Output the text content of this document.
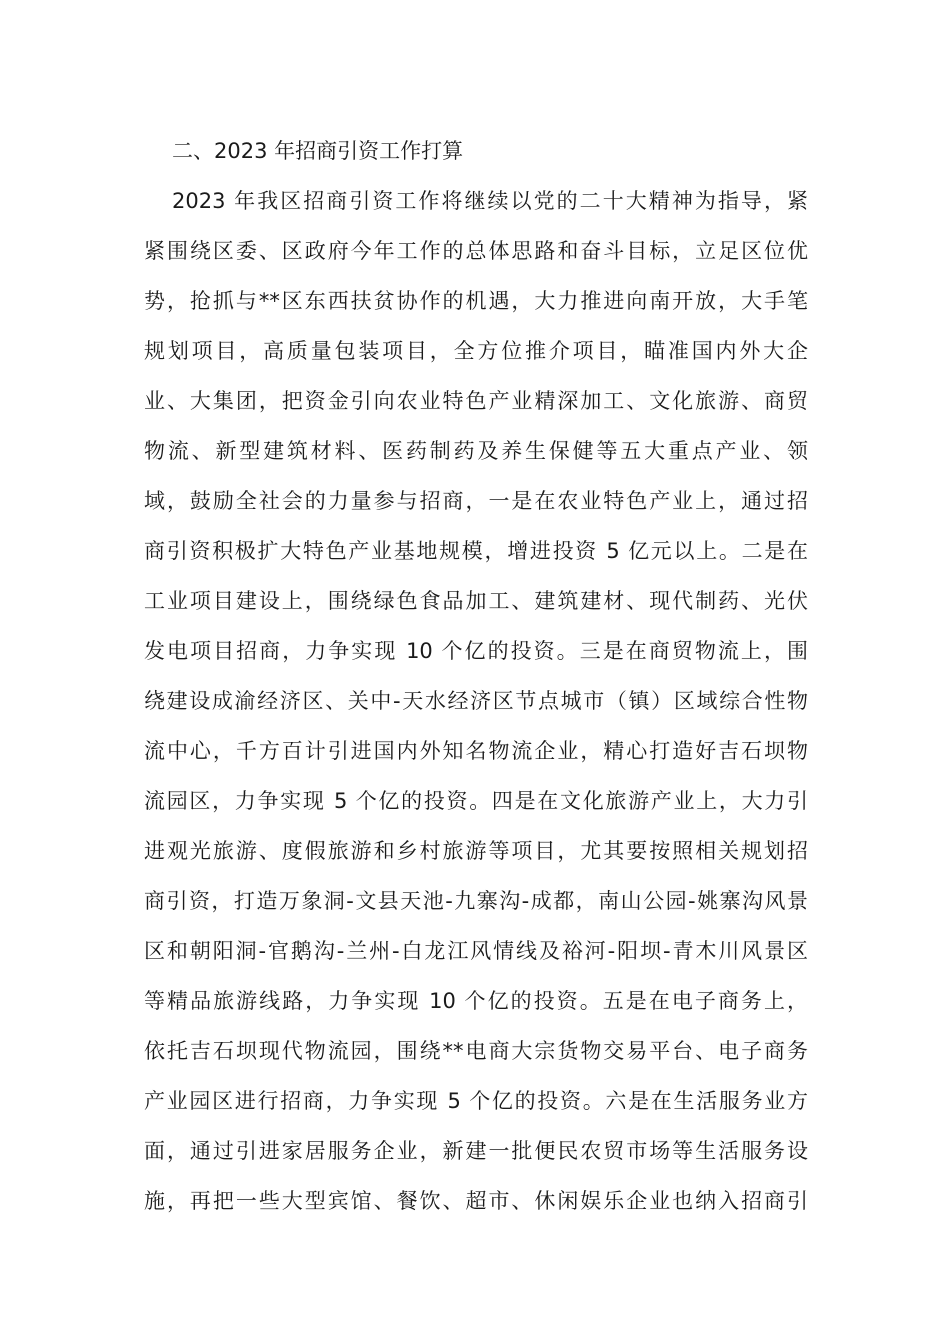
二、2023 年招商引资工作打算
2023 年我区招商引资工作将继续以党的二十大精神为指导，紧
紧围绕区委、区政府今年工作的总体思路和奋斗目标，立足区位优
势，抢抓与**区东西扶贫协作的机遇，大力推进向南开放，大手笔
规划项目，高质量包装项目，全方位推介项目，瞄准国内外大企
业、大集团，把资金引向农业特色产业精深加工、文化旅游、商贸
物流、新型建筑材料、医药制药及养生保健等五大重点产业、领
域，鼓励全社会的力量参与招商，一是在农业特色产业上，通过招
商引资积极扩大特色产业基地规模，增进投资 5 亿元以上。二是在
工业项目建设上，围绕绿色食品加工、建筑建材、现代制药、光伏
发电项目招商，力争实现 10 个亿的投资。三是在商贸物流上，围
绕建设成渝经济区、关中-天水经济区节点城市（镇）区域综合性物
流中心，千方百计引进国内外知名物流企业，精心打造好吉石坝物
流园区，力争实现 5 个亿的投资。四是在文化旅游产业上，大力引
进观光旅游、度假旅游和乡村旅游等项目，尤其要按照相关规划招
商引资，打造万象洞-文县天池-九寨沟-成都，南山公园-姚寨沟风景
区和朝阳洞-官鹅沟-兰州-白龙江风情线及裕河-阳坝-青木川风景区
等精品旅游线路，力争实现 10 个亿的投资。五是在电子商务上，
依托吉石坝现代物流园，围绕**电商大宗货物交易平台、电子商务
产业园区进行招商，力争实现 5 个亿的投资。六是在生活服务业方
面，通过引进家居服务企业，新建一批便民农贸市场等生活服务设
施，再把一些大型宾馆、餐饮、超市、休闲娱乐企业也纳入招商引
